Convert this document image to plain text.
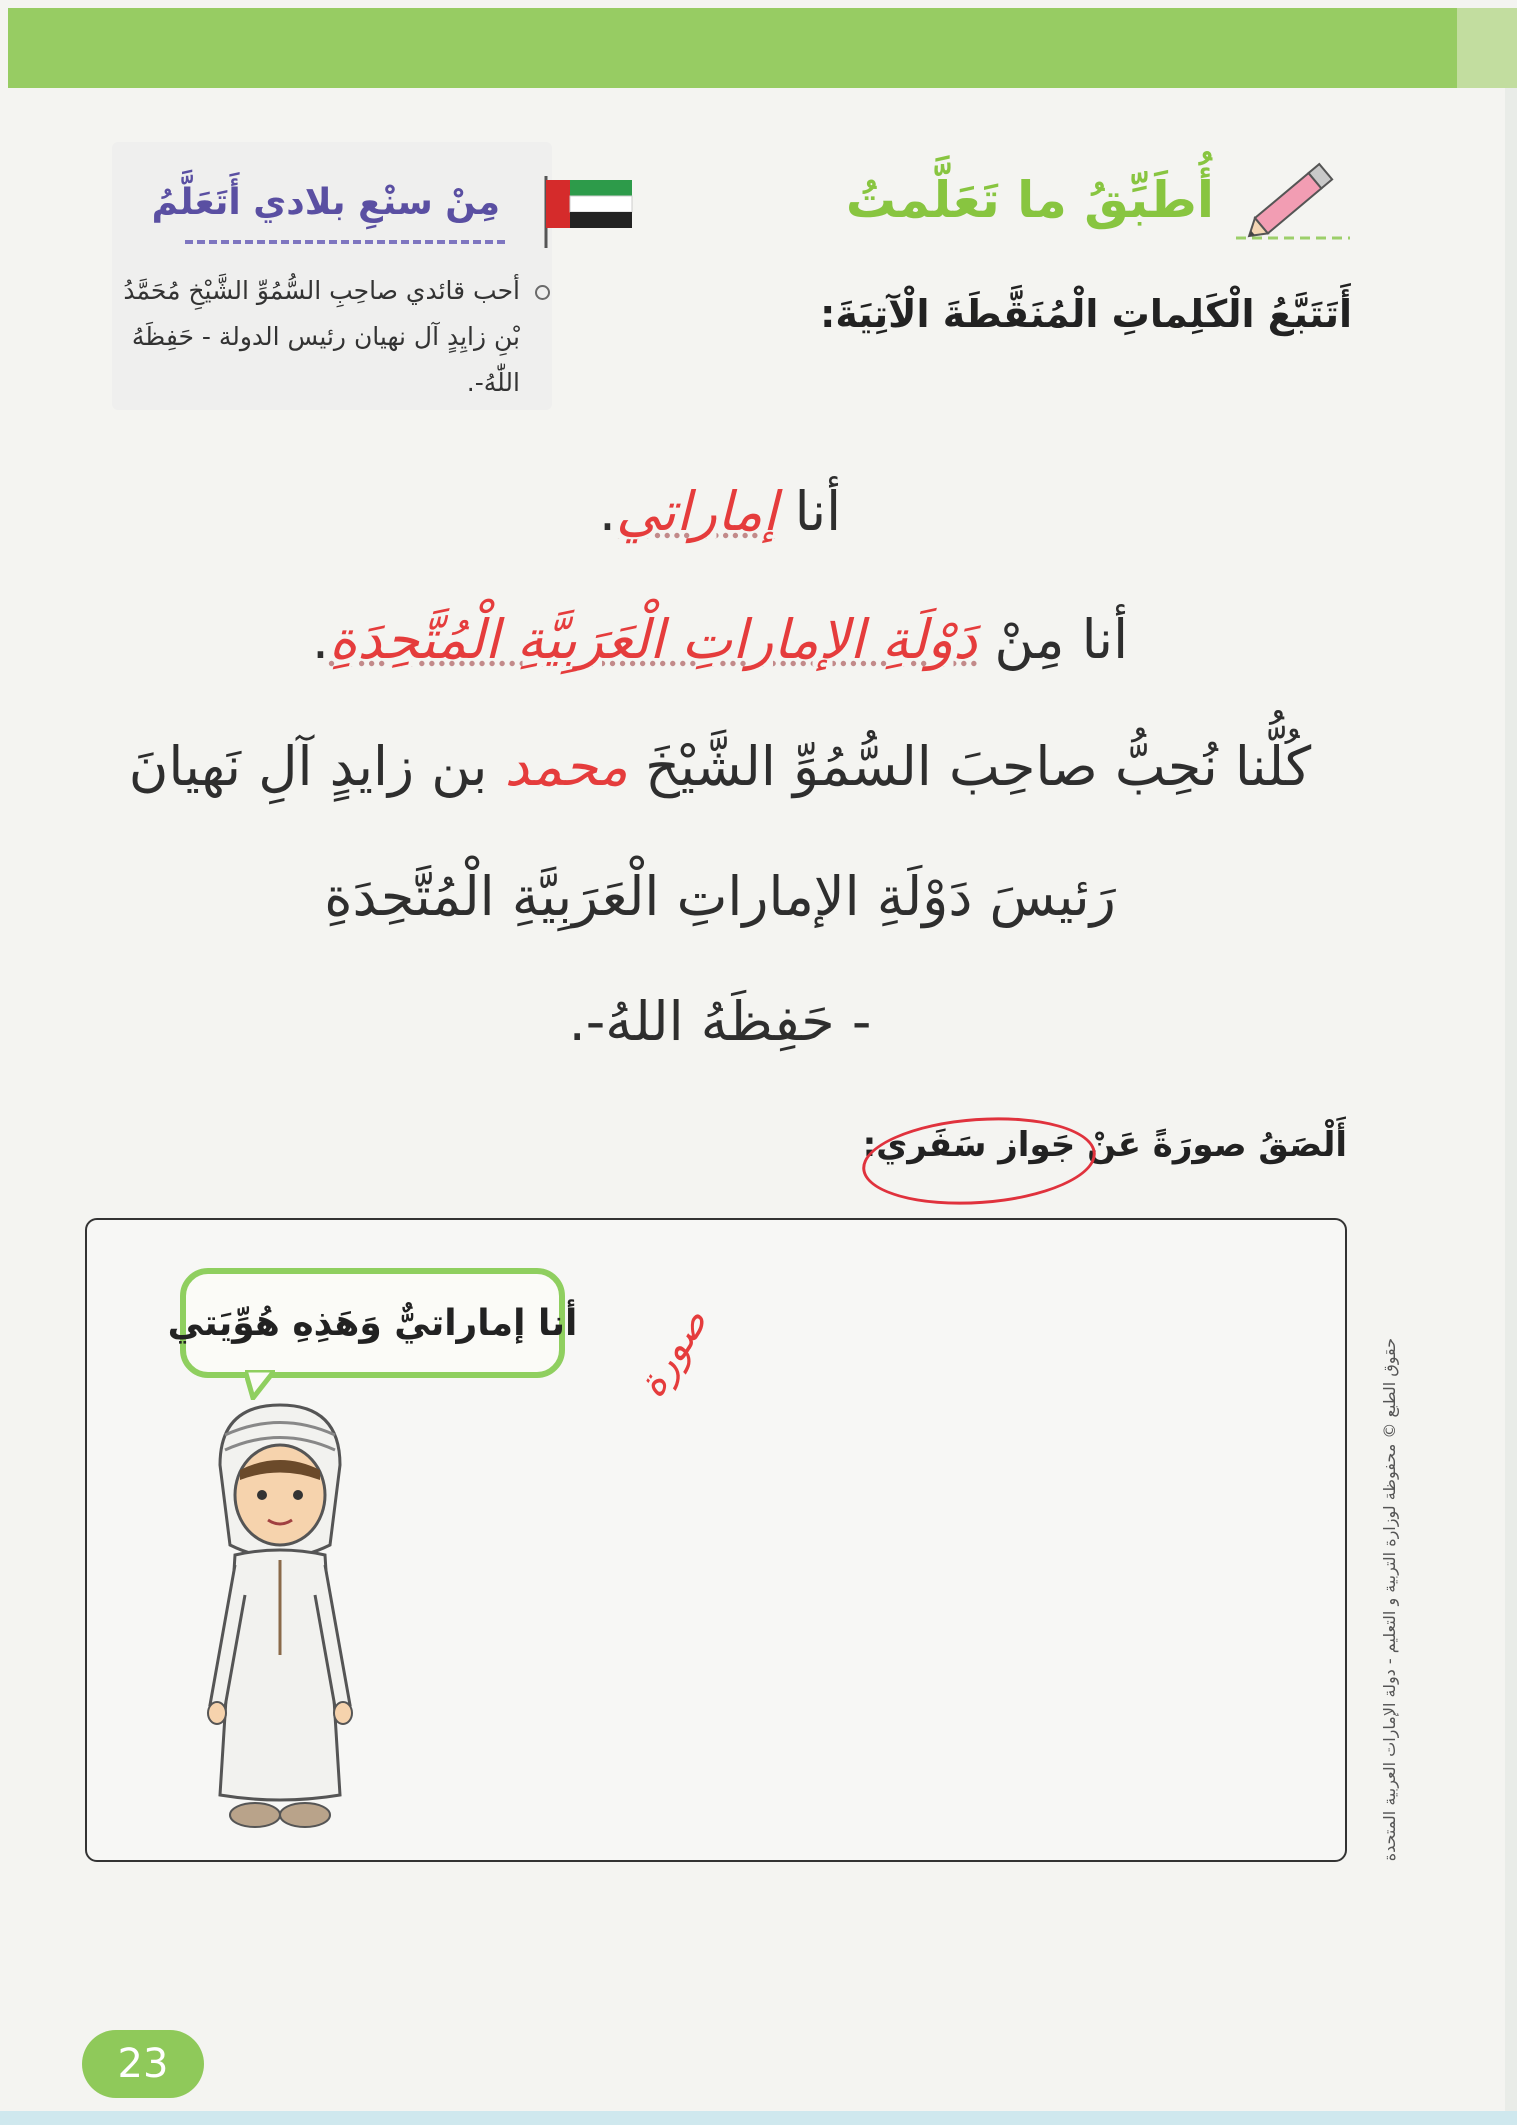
مِنْ سنْعِ بلادي أَتَعَلَّمُ
أحب قائدي صاحِبِ السُّمُوِّ الشَّيْخِ مُحَمَّدُ بْنِ زايِدٍ آل نهيان رئيس الدولة - حَفِظَهُ اللّٰهُ-.
أُطَبِّقُ ما تَعَلَّمتُ
أَتَتَبَّعُ الْكَلِماتِ الْمُنَقَّطَةَ الْآتِيَةَ:
أنا إماراتي.
أنا مِنْ دَوْلَةِ الإماراتِ الْعَرَبِيَّةِ الْمُتَّحِدَةِ.
كُلُّنا نُحِبُّ صاحِبَ السُّمُوِّ الشَّيْخَ محمد بن زايدٍ آلِ نَهيانَ
رَئيسَ دَوْلَةِ الإماراتِ الْعَرَبِيَّةِ الْمُتَّحِدَةِ
- حَفِظَهُ اللهُ-.
أَلْصَقُ صورَةً عَنْ جَواز سَفَري:
أنا إماراتيٌّ وَهَذِهِ هُوِّيَتي صورة	حقوق الطبع © محفوظة لوزارة التربية و التعليم - دولة الإمارات العربية المتحدة
23
